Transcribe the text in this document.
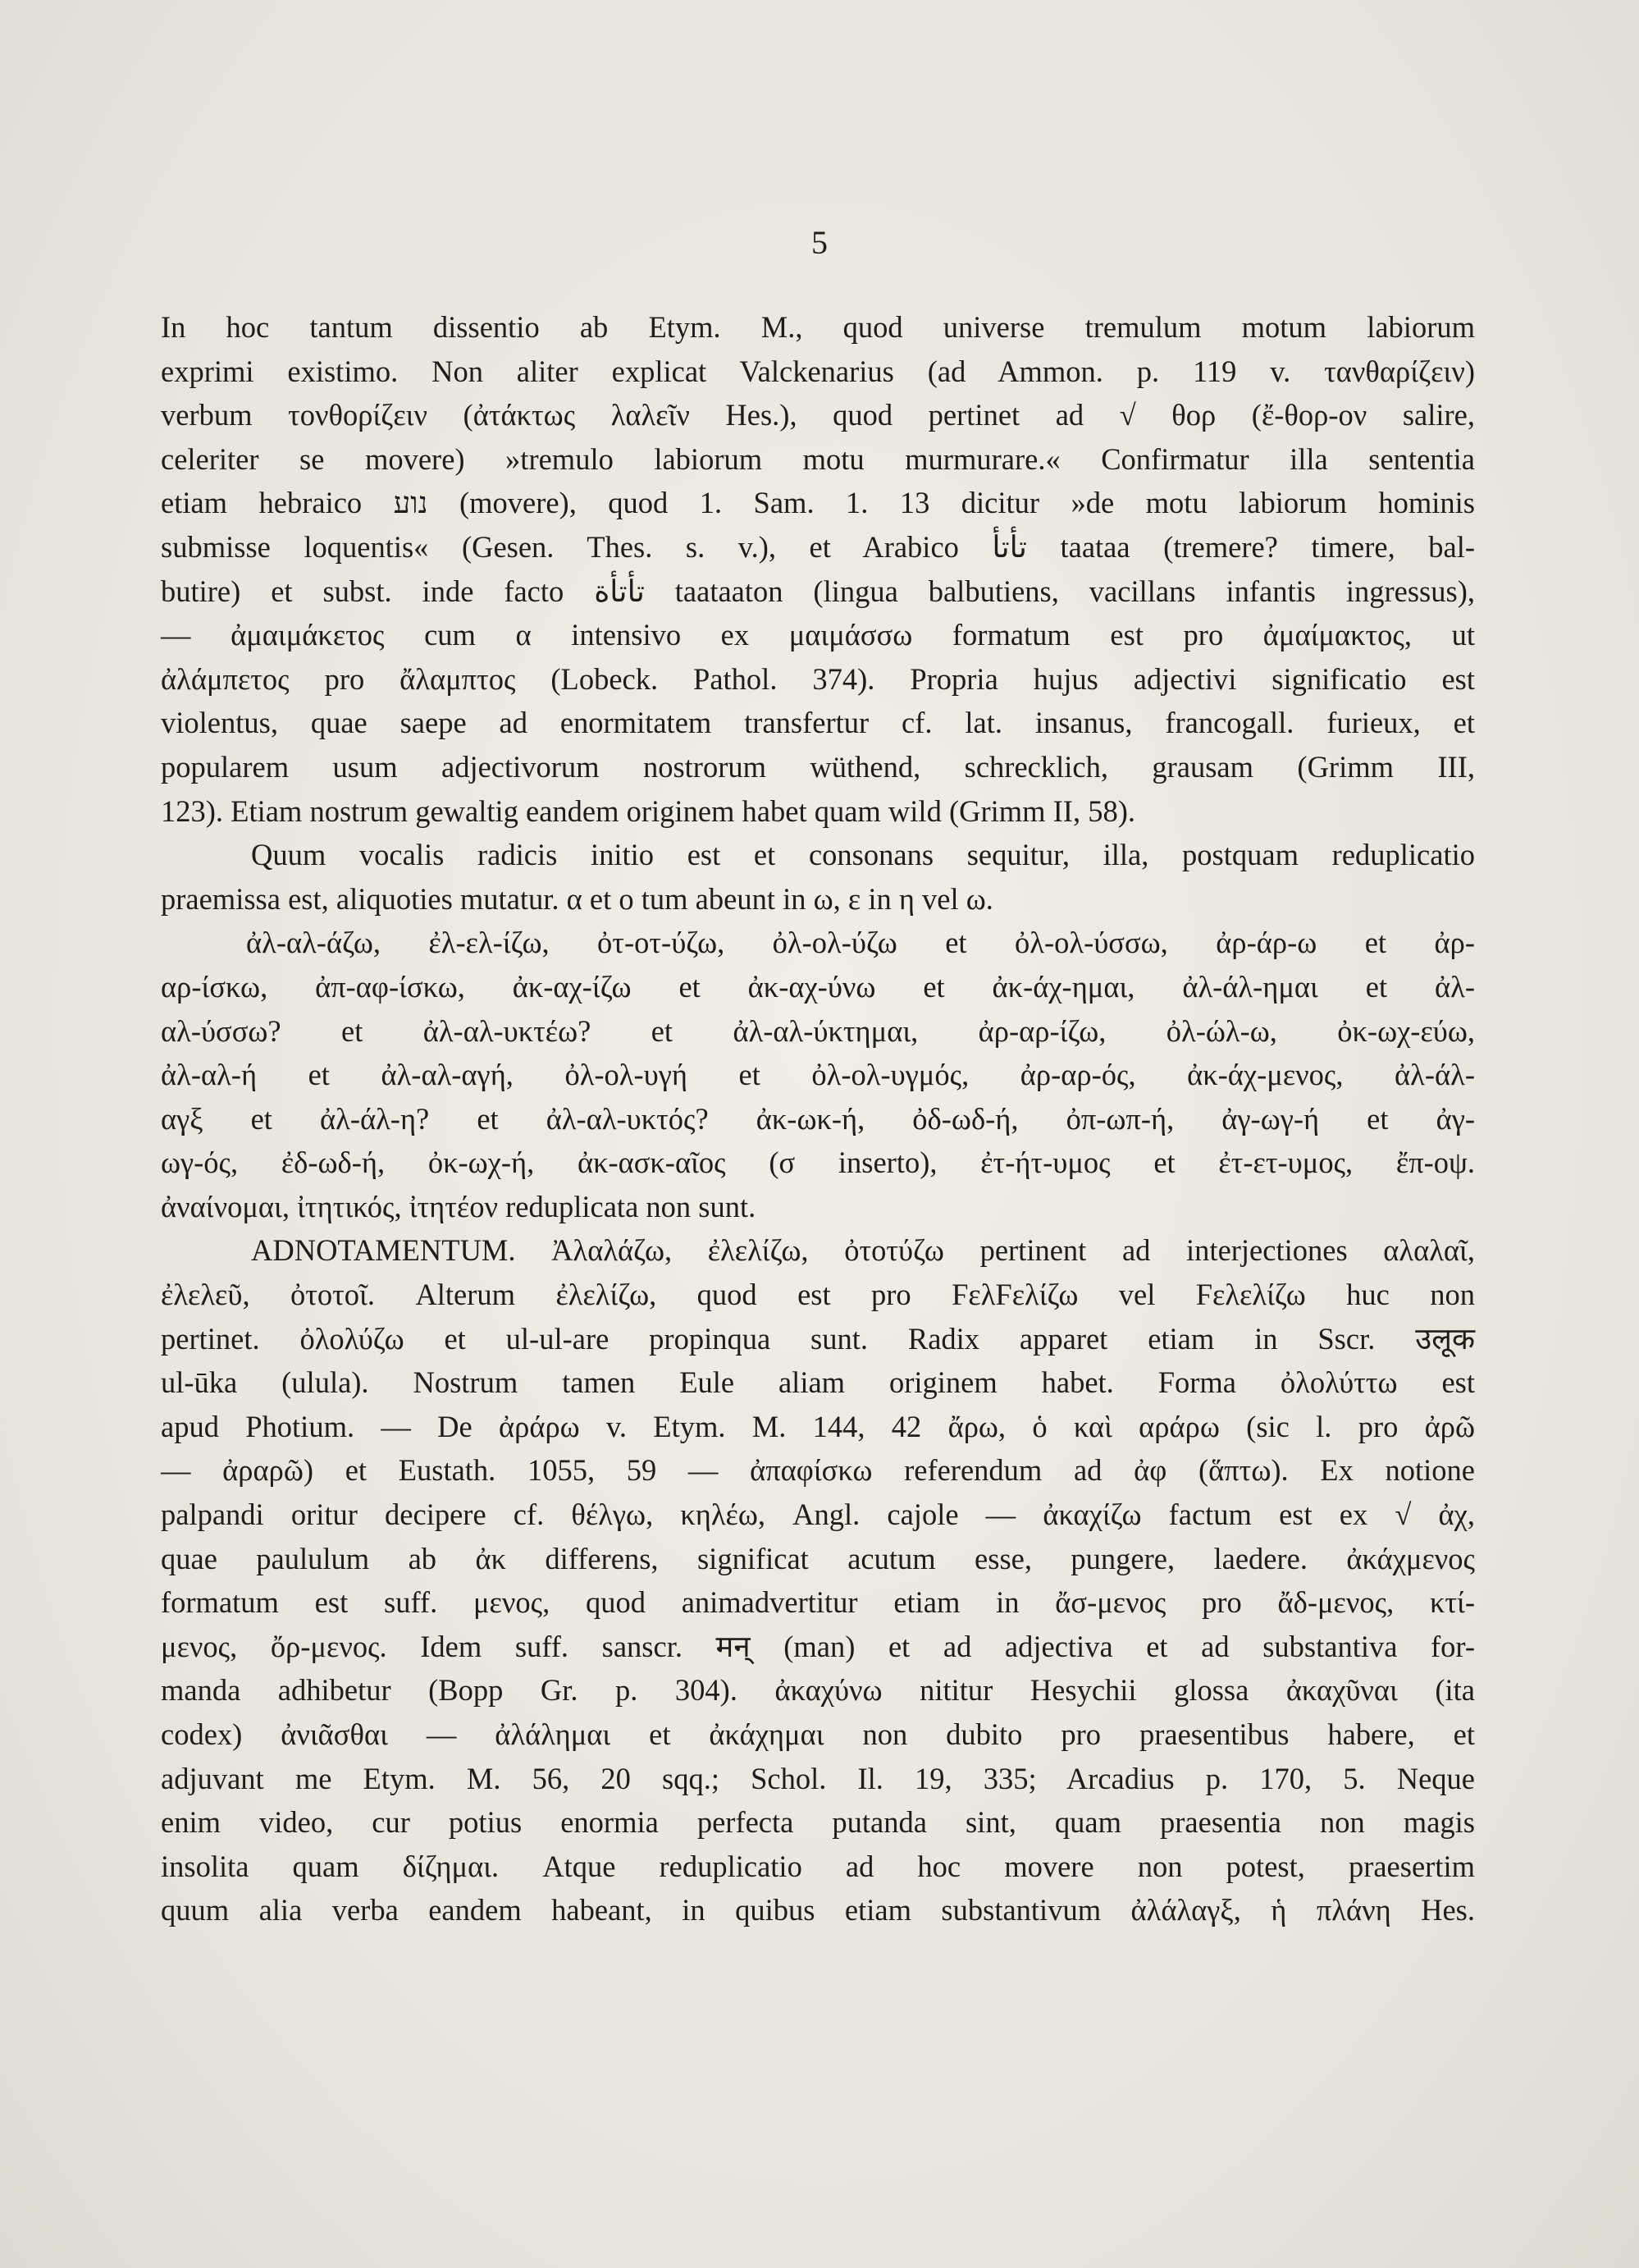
5
In hoc tantum dissentio ab Etym. M., quod universe tremulum motum labiorum
exprimi existimo. Non aliter explicat Valckenarius (ad Ammon. p. 119 v. τανθαρίζειν)
verbum τονθορίζειν (ἀτάκτως λαλεῖν Hes.), quod pertinet ad √ θορ (ἔ-θορ-ον salire,
celeriter se movere) »tremulo labiorum motu murmurare.« Confirmatur illa sententia
etiam hebraico נוע (movere), quod 1. Sam. 1. 13 dicitur »de motu labiorum hominis
submisse loquentis« (Gesen. Thes. s. v.), et Arabico تأتأ taataa (tremere? timere, bal-
butire) et subst. inde facto تأتأة taataaton (lingua balbutiens, vacillans infantis ingressus),
— ἀμαιμάκετος cum α intensivo ex μαιμάσσω formatum est pro ἀμαίμακτος, ut
ἀλάμπετος pro ἄλαμπτος (Lobeck. Pathol. 374). Propria hujus adjectivi significatio est
violentus, quae saepe ad enormitatem transfertur cf. lat. insanus, francogall. furieux, et
popularem usum adjectivorum nostrorum wüthend, schrecklich, grausam (Grimm III,
123). Etiam nostrum gewaltig eandem originem habet quam wild (Grimm II, 58).
Quum vocalis radicis initio est et consonans sequitur, illa, postquam reduplicatio
praemissa est, aliquoties mutatur. α et ο tum abeunt in ω, ε in η vel ω.
ἀλ-αλ-άζω, ἐλ-ελ-ίζω, ὀτ-οτ-ύζω, ὀλ-ολ-ύζω et ὀλ-ολ-ύσσω, ἀρ-άρ-ω et ἀρ-
αρ-ίσκω, ἀπ-αφ-ίσκω, ἀκ-αχ-ίζω et ἀκ-αχ-ύνω et ἀκ-άχ-ημαι, ἀλ-άλ-ημαι et ἀλ-
αλ-ύσσω? et ἀλ-αλ-υκτέω? et ἀλ-αλ-ύκτημαι, ἀρ-αρ-ίζω, ὀλ-ώλ-ω, ὀκ-ωχ-εύω,
ἀλ-αλ-ή et ἀλ-αλ-αγή, ὀλ-ολ-υγή et ὀλ-ολ-υγμός, ἀρ-αρ-ός, ἀκ-άχ-μενος, ἀλ-άλ-
αγξ et ἀλ-άλ-η? et ἀλ-αλ-υκτός? ἀκ-ωκ-ή, ὀδ-ωδ-ή, ὀπ-ωπ-ή, ἀγ-ωγ-ή et ἀγ-
ωγ-ός, ἐδ-ωδ-ή, ὀκ-ωχ-ή, ἀκ-ασκ-αῖος (σ inserto), ἐτ-ήτ-υμος et ἐτ-ετ-υμος, ἔπ-οψ.
ἀναίνομαι, ἰτητικός, ἰτητέον reduplicata non sunt.
ADNOTAMENTUM. Ἀλαλάζω, ἐλελίζω, ὀτοτύζω pertinent ad interjectiones αλαλαῖ,
ἐλελεῦ, ὀτοτοῖ. Alterum ἐλελίζω, quod est pro ϜελϜελίζω vel Ϝελελίζω huc non
pertinet. ὀλολύζω et ul-ul-are propinqua sunt. Radix apparet etiam in Sscr. उलूक
ul-ūka (ulula). Nostrum tamen Eule aliam originem habet. Forma ὀλολύττω est
apud Photium. — De ἀράρω v. Etym. M. 144, 42 ἄρω, ὁ καὶ αράρω (sic l. pro ἀρῶ
— ἀραρῶ) et Eustath. 1055, 59 — ἀπαφίσκω referendum ad ἀφ (ἅπτω). Ex notione
palpandi oritur decipere cf. θέλγω, κηλέω, Angl. cajole — ἀκαχίζω factum est ex √ ἀχ,
quae paululum ab ἀκ differens, significat acutum esse, pungere, laedere. ἀκάχμενος
formatum est suff. μενος, quod animadvertitur etiam in ἄσ-μενος pro ἄδ-μενος, κτί-
μενος, ὄρ-μενος. Idem suff. sanscr. मन् (man) et ad adjectiva et ad substantiva for-
manda adhibetur (Bopp Gr. p. 304). ἀκαχύνω nititur Hesychii glossa ἀκαχῦναι (ita
codex) ἀνιᾶσθαι — ἀλάλημαι et ἀκάχημαι non dubito pro praesentibus habere, et
adjuvant me Etym. M. 56, 20 sqq.; Schol. Il. 19, 335; Arcadius p. 170, 5. Neque
enim video, cur potius enormia perfecta putanda sint, quam praesentia non magis
insolita quam δίζημαι. Atque reduplicatio ad hoc movere non potest, praesertim
quum alia verba eandem habeant, in quibus etiam substantivum ἀλάλαγξ, ἡ πλάνη Hes.
